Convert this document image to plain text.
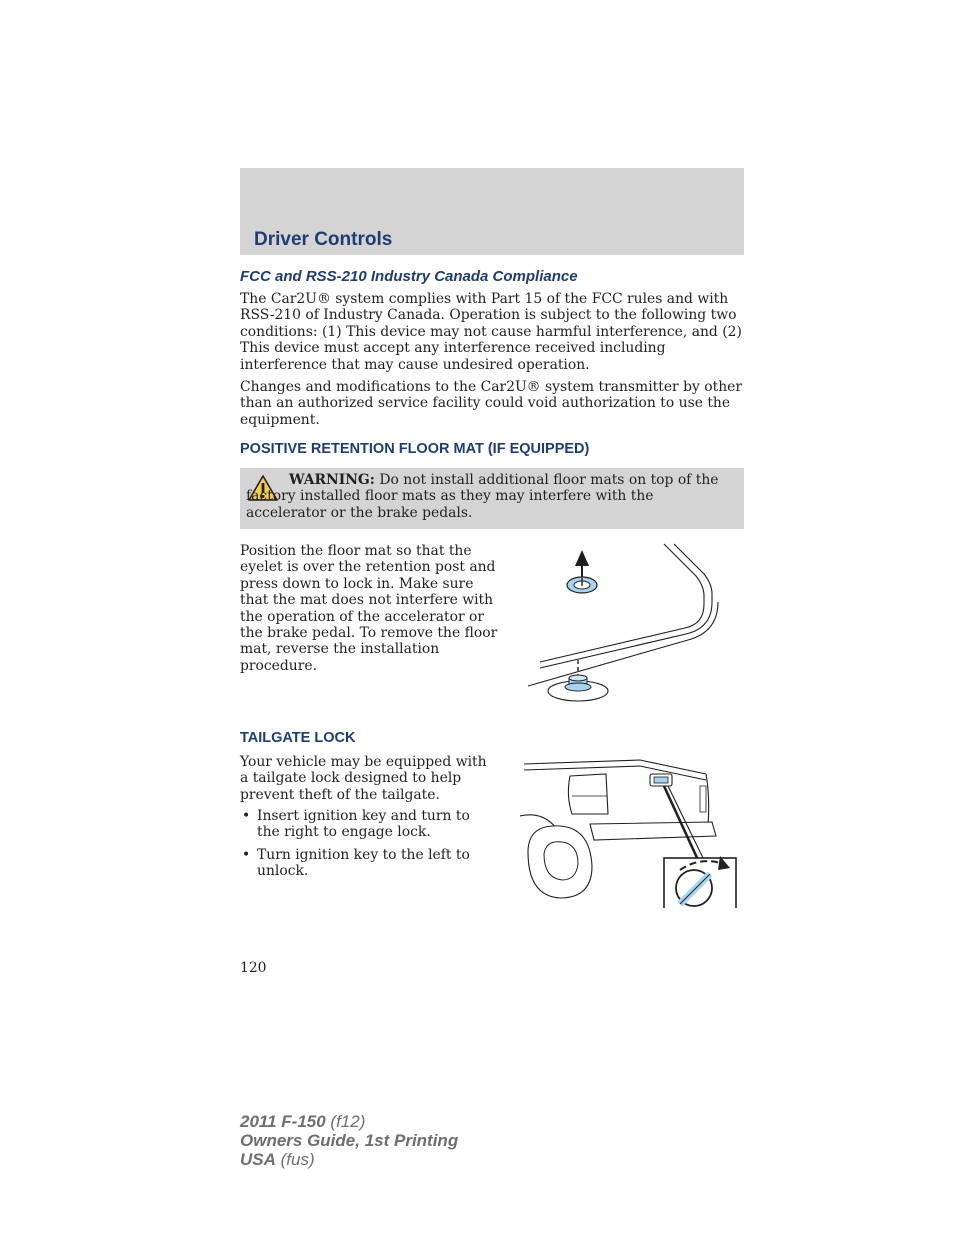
Driver Controls
FCC and RSS-210 Industry Canada Compliance

The Car2U® system complies with Part 15 of the FCC rules and with RSS-210 of Industry Canada. Operation is subject to the following two conditions: (1) This device may not cause harmful interference, and (2) This device must accept any interference received including interference that may cause undesired operation.

Changes and modifications to the Car2U® system transmitter by other than an authorized service facility could void authorization to use the equipment.

POSITIVE RETENTION FLOOR MAT (IF EQUIPPED)

WARNING: Do not install additional floor mats on top of the factory installed floor mats as they may interfere with the accelerator or the brake pedals.

Position the floor mat so that the eyelet is over the retention post and press down to lock in. Make sure that the mat does not interfere with the operation of the accelerator or the brake pedal. To remove the floor mat, reverse the installation procedure.

TAILGATE LOCK

Your vehicle may be equipped with a tailgate lock designed to help prevent theft of the tailgate.

• Insert ignition key and turn to the right to engage lock.
• Turn ignition key to the left to unlock.

120

2011 F-150 (f12)
Owners Guide, 1st Printing
USA (fus)
